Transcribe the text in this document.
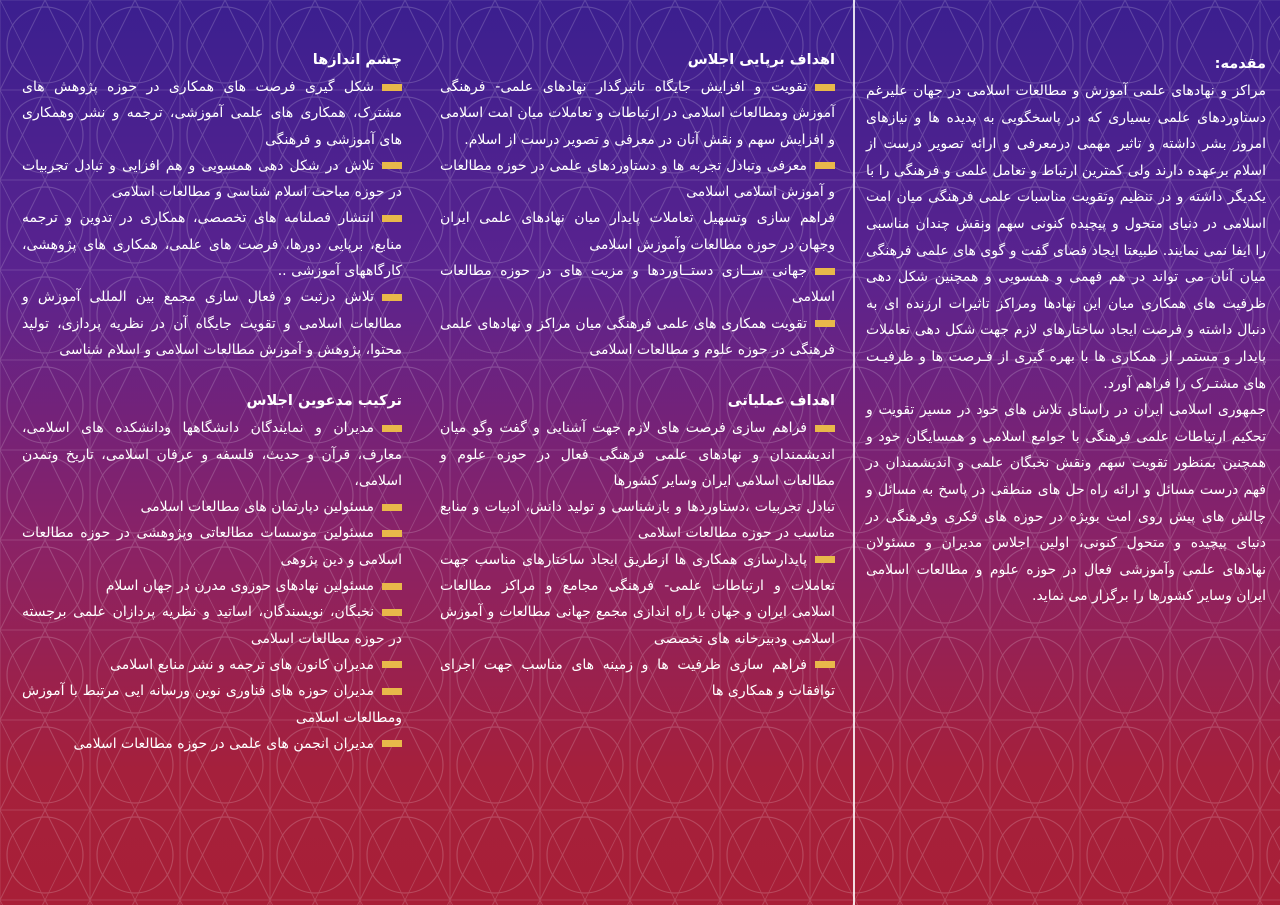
مقدمه:

مراکز و نهادهای علمی آموزش و مطالعات اسلامی در جهان علیرغم دستاوردهای علمی بسیاری که در پاسخگویی به پدیده ها و نیازهای امروز بشر داشته و تاثیر مهمی درمعرفی و ارائه تصویر درست از اسلام برعهده دارند ولی کمترین ارتباط و تعامل علمی و فرهنگی را با یکدیگر داشته و در تنظیم وتقویت مناسبات علمی فرهنگی میان امت اسلامی در دنیای متحول و پیچیده کنونی سهم ونقش چندان مناسبی را ایفا نمی نمایند. طبیعتا ایجاد فضای گفت و گوی های علمی فرهنگی میان آنان می تواند در هم فهمی و همسویی و همچنین شکل دهی ظرفیت های همکاری میان این نهادها ومراکز تاثیرات ارزنده ای به دنبال داشته و فرصت ایجاد ساختارهای لازم جهت شکل دهی تعاملات پایدار و مستمر از همکاری ها با بهره گیری از فـرصت ها و ظرفیـت های مشتـرک را فراهم آورد.

جمهوری اسلامی ایران در راستای تلاش های خود در مسیر تقویت و تحکیم ارتباطات علمی فرهنگی با جوامع اسلامی و همسایگان خود و همچنین بمنظور تقویت سهم ونقش نخبگان علمی و اندیشمندان در فهم درست مسائل و ارائه راه حل های منطقی در پاسخ به مسائل و چالش های پیش روی امت بویژه در حوزه های فکری وفرهنگی در دنیای پیچیده و متحول کنونی، اولین اجلاس مدیران و مسئولان نهادهای علمی وآموزشی فعال در حوزه علوم و مطالعات اسلامی ایران وسایر کشورها را برگزار می نماید.

اهداف برپایی اجلاس

تقویت و افزایش جایگاه تاثیرگذار نهادهای علمی- فرهنگی آموزش ومطالعات اسلامی در ارتباطات و تعاملات میان امت اسلامی و افزایش سهم و نقش آنان در معرفی و تصویر درست از اسلام.

معرفی وتبادل تجربه ها و دستاوردهای علمی در حوزه مطالعات و آموزش اسلامی اسلامی

فراهم سازی وتسهیل تعاملات پایدار میان نهادهای علمی ایران وجهان در حوزه مطالعات وآموزش اسلامی

جهانی ســازی دستــاوردها و مزیت های در حوزه مطالعات اسلامی

تقویت همکاری های علمی فرهنگی میان مراکز و نهادهای علمی فرهنگی در حوزه علوم و مطالعات اسلامی

اهداف عملیاتی

فراهم سازی فرصت های لازم جهت آشنایی و گفت وگو میان اندیشمندان و نهادهای علمی فرهنگی فعال در حوزه علوم و مطالعات اسلامی ایران وسایر کشورها

تبادل تجربیات ،دستاوردها و بازشناسی و تولید دانش، ادبیات و منابع مناسب در حوزه مطالعات اسلامی

پایدارسازی همکاری ها ازطریق ایجاد ساختارهای مناسب جهت تعاملات و ارتباطات علمی- فرهنگی مجامع و مراکز مطالعات اسلامی ایران و جهان با راه اندازی مجمع جهانی مطالعات و آموزش اسلامی ودبیرخانه های تخصصی

فراهم سازی ظرفیت ها و زمینه های مناسب جهت اجرای توافقات و همکاری ها

چشم اندازها

شکل گیری فرصت های همکاری در حوزه پژوهش های مشترک، همکاری های علمی آموزشی، ترجمه و نشر وهمکاری های آموزشی و فرهنگی

تلاش در شکل دهی همسویی و هم افزایی و تبادل تجربیات در حوزه مباحث اسلام شناسی و مطالعات اسلامی

انتشار فصلنامه های تخصصی، همکاری در تدوین و ترجمه منابع، برپایی دورها، فرصت های علمی، همکاری های پژوهشی، کارگاههای آموزشی ..

تلاش درثبت و فعال سازی مجمع بین المللی آموزش و مطالعات اسلامی و تقویت جایگاه آن در نظریه پردازی، تولید محتوا، پژوهش و آموزش مطالعات اسلامی و اسلام شناسی

ترکیب مدعوین اجلاس

مدیران و نمایندگان دانشگاهها ودانشکده های اسلامی، معارف، قرآن و حدیث، فلسفه و عرفان اسلامی، تاریخ وتمدن اسلامی،

مسئولین دپارتمان های مطالعات اسلامی

مسئولین موسسات مطالعاتی وپژوهشی در حوزه مطالعات اسلامی و دین پژوهی

مسئولین نهادهای حوزوی مدرن در جهان اسلام

نخبگان، نویسندگان، اساتید و نظریه پردازان علمی برجسته در حوزه مطالعات اسلامی

مدیران کانون های ترجمه و نشر منابع اسلامی

مدیران حوزه های فناوری نوین ورسانه ایی مرتبط با آموزش ومطالعات اسلامی

مدیران انجمن های علمی در حوزه مطالعات اسلامی
